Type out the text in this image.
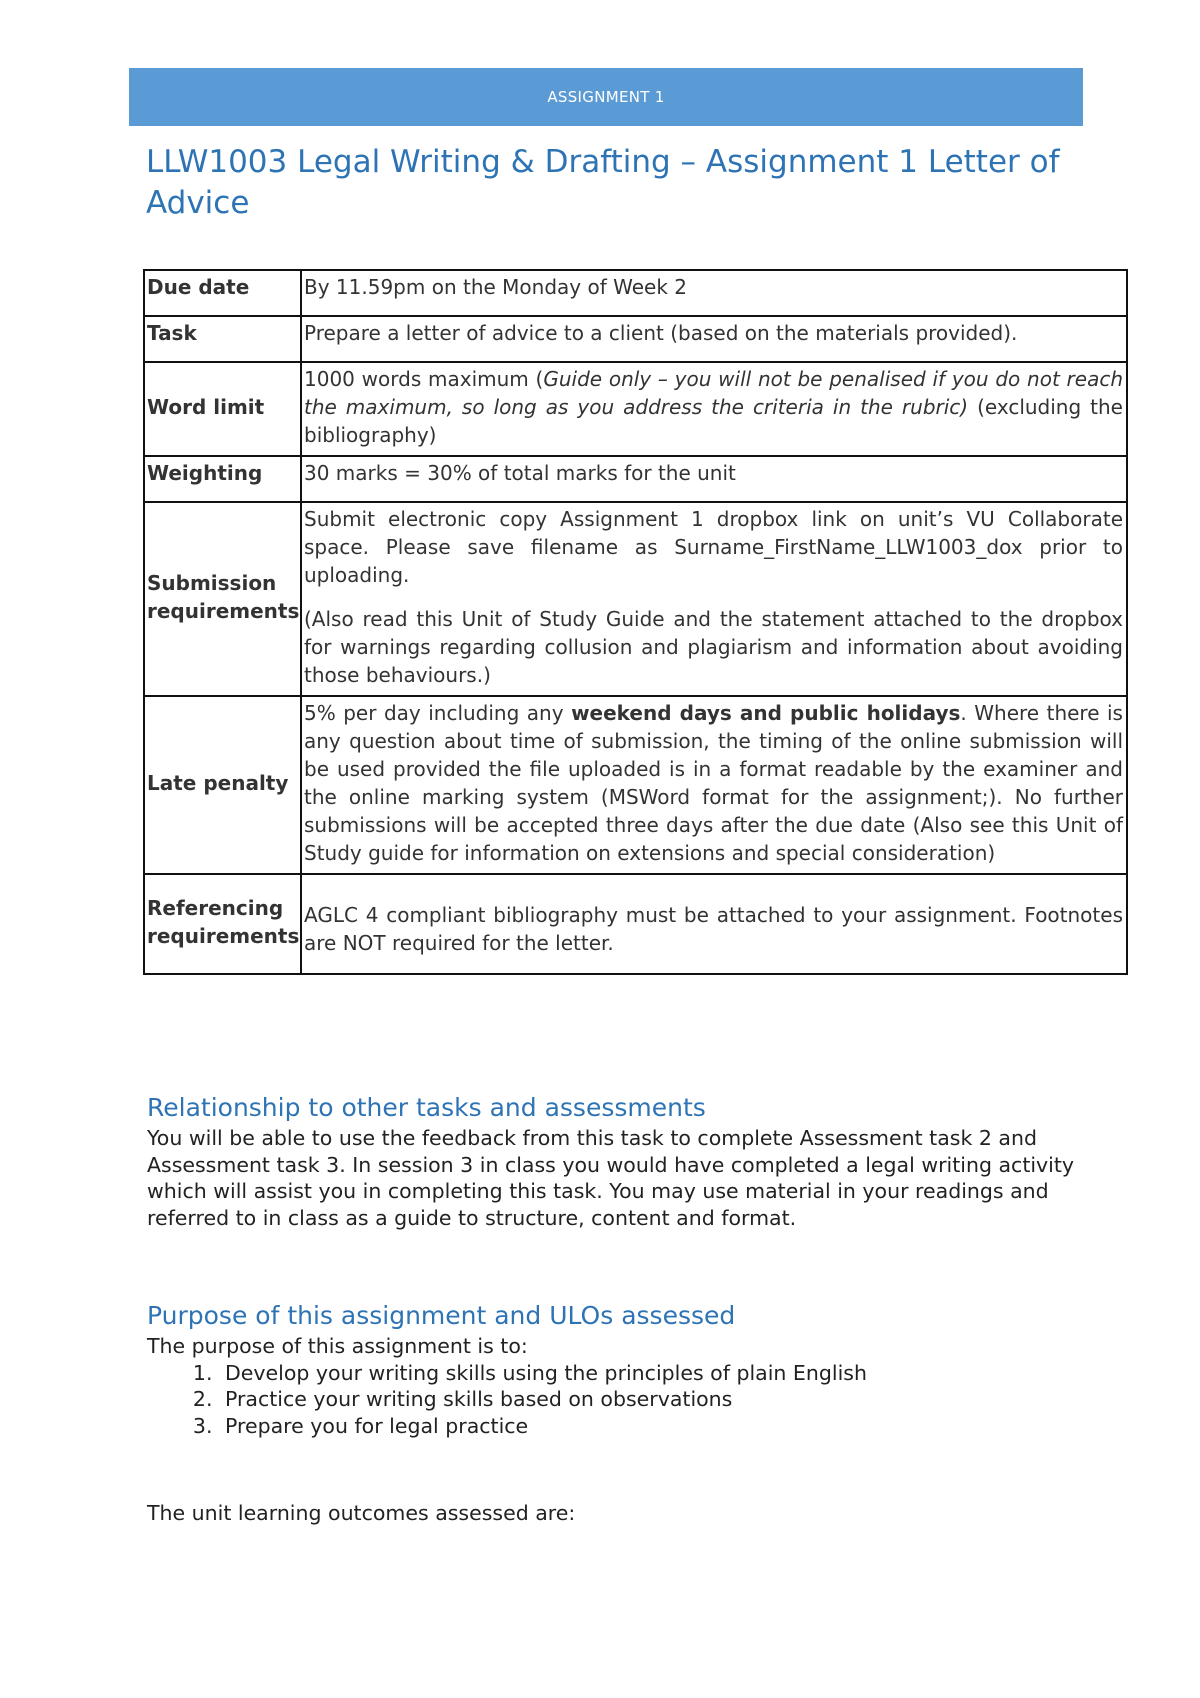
ASSIGNMENT 1
LLW1003 Legal Writing & Drafting – Assignment 1 Letter of Advice
Due date	By 11.59pm on the Monday of Week 2
Task	Prepare a letter of advice to a client (based on the materials provided).
Word limit	1000 words maximum (Guide only – you will not be penalised if you do not reach the maximum, so long as you address the criteria in the rubric) (excluding the bibliography)
Weighting	30 marks = 30% of total marks for the unit
Submission requirements	Submit electronic copy Assignment 1 dropbox link on unit’s VU Collaborate space. Please save filename as Surname_FirstName_LLW1003_dox prior to uploading.

(Also read this Unit of Study Guide and the statement attached to the dropbox for warnings regarding collusion and plagiarism and information about avoiding those behaviours.)

Late penalty	5% per day including any weekend days and public holidays. Where there is any question about time of submission, the timing of the online submission will be used provided the file uploaded is in a format readable by the examiner and the online marking system (MSWord format for the assignment;). No further submissions will be accepted three days after the due date (Also see this Unit of Study guide for information on extensions and special consideration)
Referencing requirements	AGLC 4 compliant bibliography must be attached to your assignment. Footnotes are NOT required for the letter.
Relationship to other tasks and assessments

You will be able to use the feedback from this task to complete Assessment task 2 and Assessment task 3. In session 3 in class you would have completed a legal writing activity which will assist you in completing this task. You may use material in your readings and referred to in class as a guide to structure, content and format.

Purpose of this assignment and ULOs assessed

The purpose of this assignment is to:

1. Develop your writing skills using the principles of plain English
2. Practice your writing skills based on observations
3. Prepare you for legal practice

The unit learning outcomes assessed are:
